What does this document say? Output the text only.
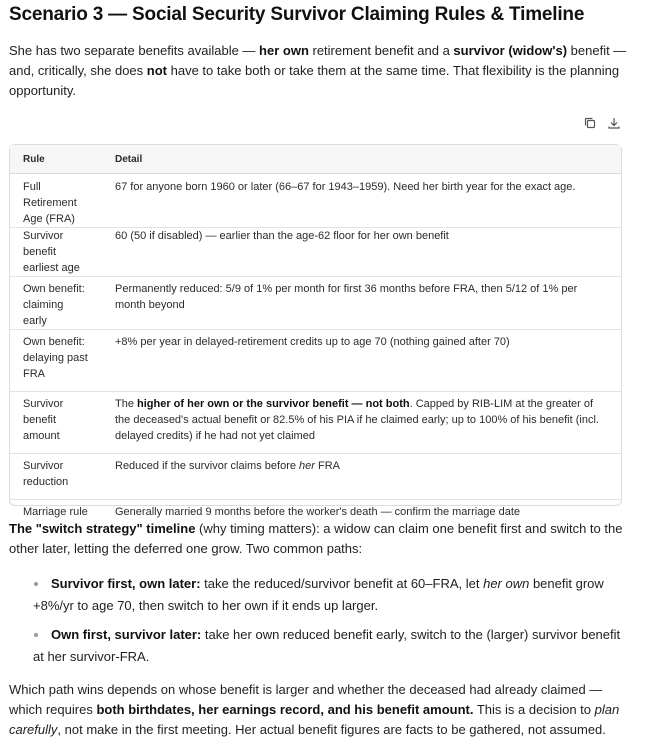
Scenario 3 — Social Security Survivor Claiming Rules & Timeline

She has two separate benefits available — her own retirement benefit and a survivor (widow's) benefit — and, critically, she does not have to take both or take them at the same time. That flexibility is the planning opportunity.

Rule	Detail
Full Retirement Age (FRA)	67 for anyone born 1960 or later (66–67 for 1943–1959). Need her birth year for the exact age.
Survivor benefit earliest age	60 (50 if disabled) — earlier than the age-62 floor for her own benefit
Own benefit: claiming early	Permanently reduced: 5/9 of 1% per month for first 36 months before FRA, then 5/12 of 1% per month beyond
Own benefit: delaying past FRA	+8% per year in delayed-retirement credits up to age 70 (nothing gained after 70)
Survivor benefit amount	The higher of her own or the survivor benefit — not both. Capped by RIB-LIM at the greater of the deceased's actual benefit or 82.5% of his PIA if he claimed early; up to 100% of his benefit (incl. delayed credits) if he had not yet claimed
Survivor reduction	Reduced if the survivor claims before her FRA
Marriage rule	Generally married 9 months before the worker's death — confirm the marriage date

The "switch strategy" timeline (why timing matters): a widow can claim one benefit first and switch to the other later, letting the deferred one grow. Two common paths:

Survivor first, own later: take the reduced/survivor benefit at 60–FRA, let her own benefit grow +8%/yr to age 70, then switch to her own if it ends up larger.
Own first, survivor later: take her own reduced benefit early, switch to the (larger) survivor benefit at her survivor-FRA.

Which path wins depends on whose benefit is larger and whether the deceased had already claimed — which requires both birthdates, her earnings record, and his benefit amount. This is a decision to plan carefully, not make in the first meeting. Her actual benefit figures are facts to be gathered, not assumed.
